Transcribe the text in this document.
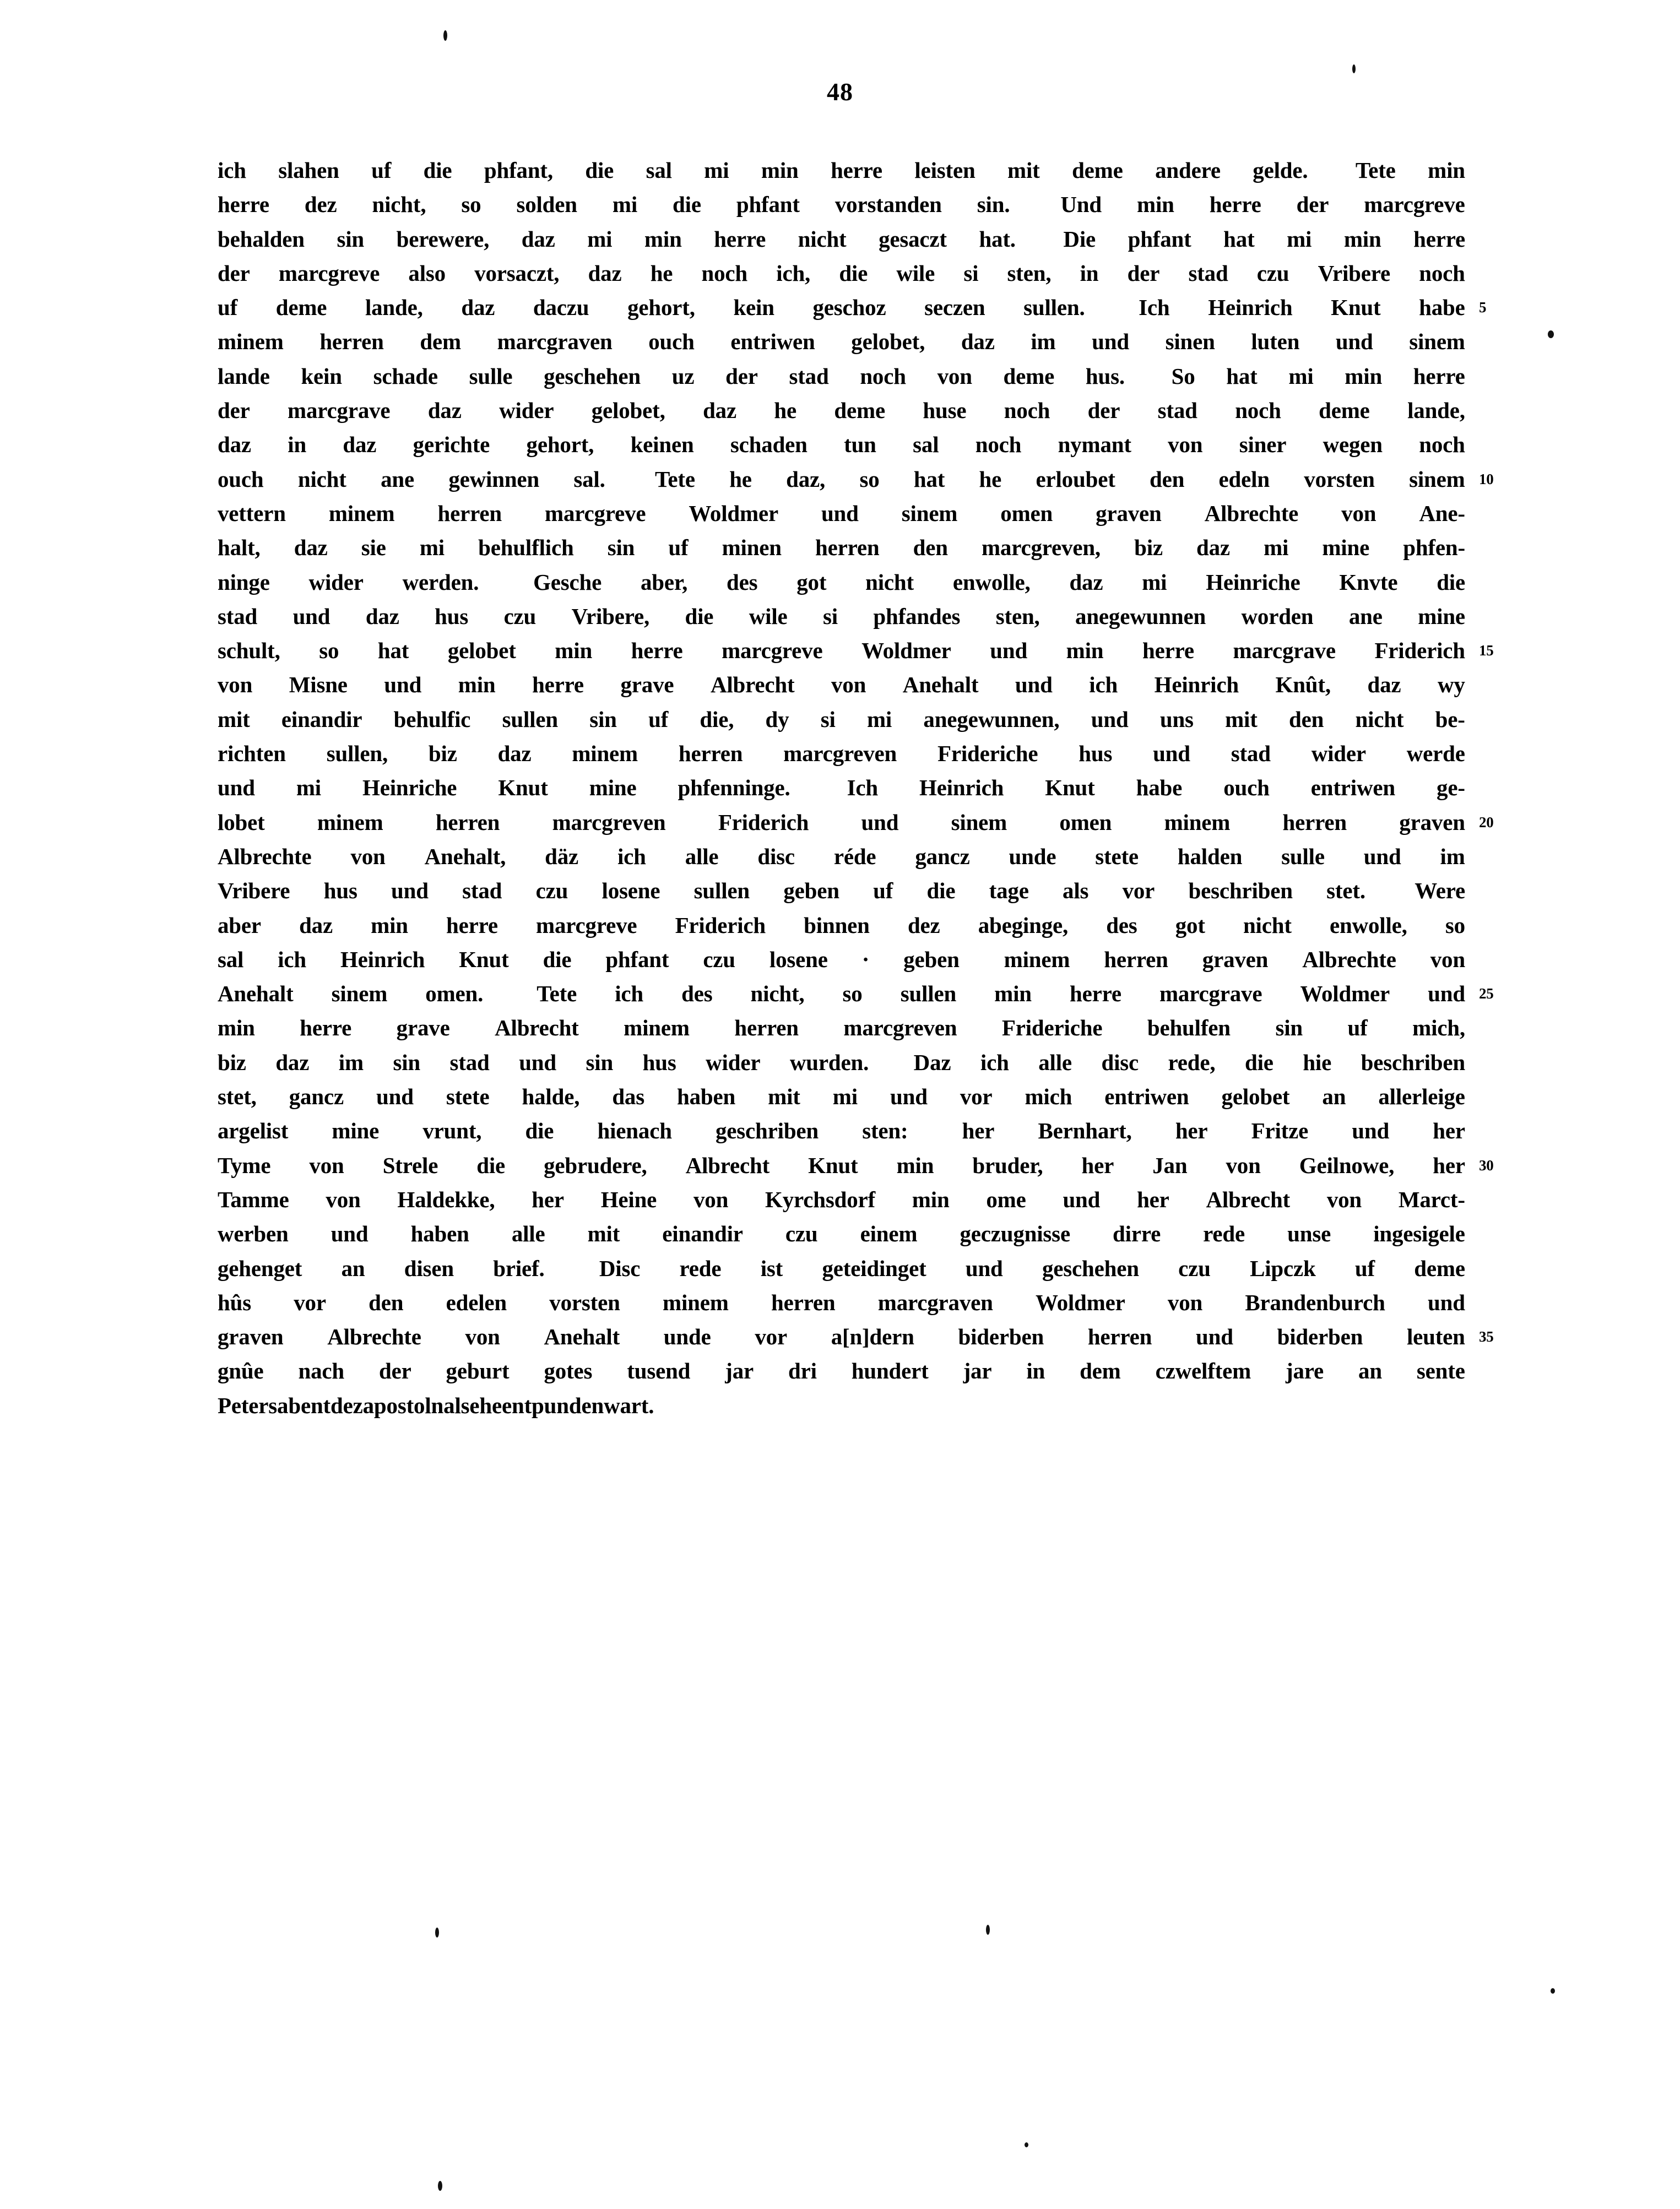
48
ich slahen uf die phfant, die sal mi min herre leisten mit deme andere gelde. Tete min
herre dez nicht, so solden mi die phfant vorstanden sin. Und min herre der marcgreve
behalden sin berewere, daz mi min herre nicht gesaczt hat. Die phfant hat mi min herre
der marcgreve also vorsaczt, daz he noch ich, die wile si sten, in der stad czu Vribere noch
uf deme lande, daz daczu gehort, kein geschoz seczen sullen. Ich Heinrich Knut habe 5
minem herren dem marcgraven ouch entriwen gelobet, daz im und sinen luten und sinem
lande kein schade sulle geschehen uz der stad noch von deme hus. So hat mi min herre
der marcgrave daz wider gelobet, daz he deme huse noch der stad noch deme lande,
daz in daz gerichte gehort, keinen schaden tun sal noch nymant von siner wegen noch
ouch nicht ane gewinnen sal. Tete he daz, so hat he erloubet den edeln vorsten sinem 10
vettern minem herren marcgreve Woldmer und sinem omen graven Albrechte von Ane-
halt, daz sie mi behulflich sin uf minen herren den marcgreven, biz daz mi mine phfen-
ninge wider werden. Gesche aber, des got nicht enwolle, daz mi Heinriche Knvte die
stad und daz hus czu Vribere, die wile si phfandes sten, anegewunnen worden ane mine
schult, so hat gelobet min herre marcgreve Woldmer und min herre marcgrave Friderich 15
von Misne und min herre grave Albrecht von Anehalt und ich Heinrich Knût, daz wy
mit einandir behulfic sullen sin uf die, dy si mi anegewunnen, und uns mit den nicht be-
richten sullen, biz daz minem herren marcgreven Frideriche hus und stad wider werde
und mi Heinriche Knut mine phfenninge.	Ich Heinrich Knut habe ouch entriwen ge-
lobet minem herren marcgreven Friderich und sinem omen minem herren graven 20
Albrechte von Anehalt, däz ich alle disc réde gancz unde stete halden sulle und im
Vribere hus und stad czu losene sullen geben uf die tage als vor beschriben stet. Were
aber daz min herre marcgreve Friderich binnen dez abeginge, des got nicht enwolle, so
sal ich Heinrich Knut die phfant czu losene · geben minem herren graven Albrechte von
Anehalt sinem omen. Tete ich des nicht, so sullen min herre marcgrave Woldmer und 25
min herre grave Albrecht minem herren marcgreven Frideriche behulfen sin uf mich,
biz daz im sin stad und sin hus wider wurden. Daz ich alle disc rede, die hie beschriben
stet, gancz und stete halde, das haben mit mi und vor mich entriwen gelobet an allerleige
argelist mine vrunt, die hienach geschriben sten: her Bernhart, her Fritze und her
Tyme von Strele die gebrudere, Albrecht Knut min bruder, her Jan von Geilnowe, her 30
Tamme von Haldekke, her Heine von Kyrchsdorf min ome und her Albrecht von Marct-
werben und haben alle mit einandir czu einem geczugnisse dirre rede unse ingesigele
gehenget an disen brief. Disc rede ist geteidinget und geschehen czu Lipczk uf deme
hûs vor den edelen vorsten minem herren marcgraven Woldmer von Brandenburch und
graven Albrechte von Anehalt unde vor a[n]dern biderben herren und biderben leuten 35
gnûe nach der geburt gotes tusend jar dri hundert jar in dem czwelftem jare an sente
Peters abent dez apostoln alse he entpunden wart.
